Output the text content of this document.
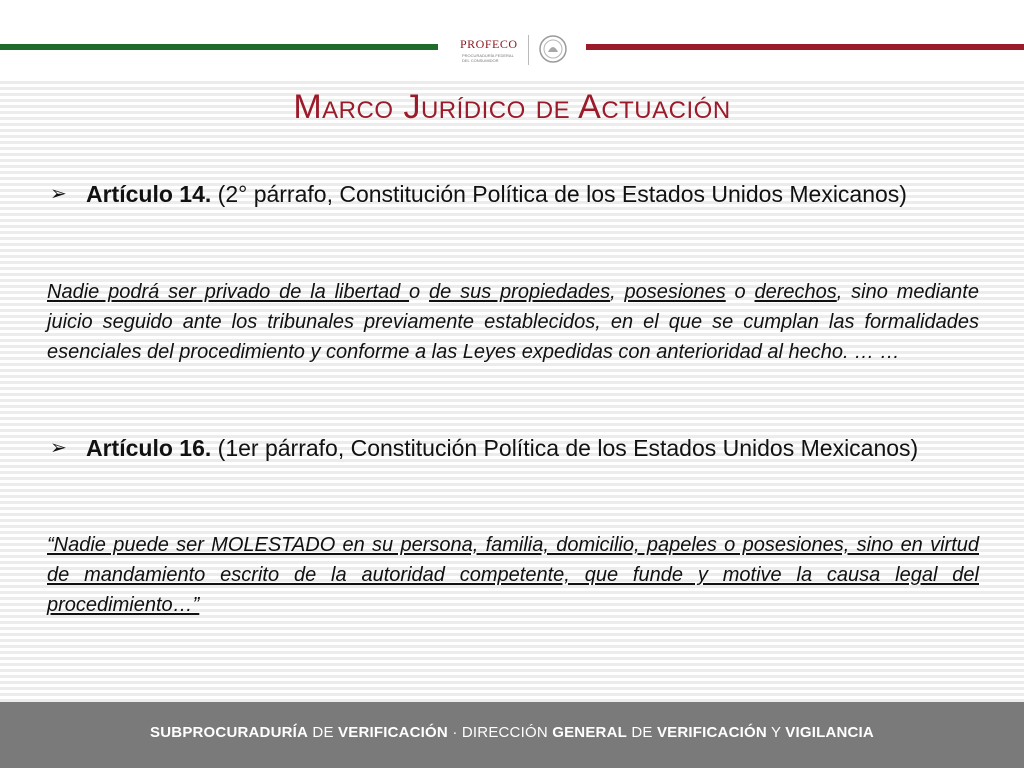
PROFECO
PROCURADURÍA FEDERAL DEL CONSUMIDOR
Marco Jurídico de Actuación
➢ Artículo 14. (2° párrafo, Constitución Política de los Estados Unidos Mexicanos)
Nadie podrá ser privado de la libertad o de sus propiedades, posesiones o derechos, sino mediante juicio seguido ante los tribunales previamente establecidos, en el que se cumplan las formalidades esenciales del procedimiento y conforme a las Leyes expedidas con anterioridad al hecho. … …
➢ Artículo 16. (1er párrafo, Constitución Política de los Estados Unidos Mexicanos)
“Nadie puede ser MOLESTADO en su persona, familia, domicilio, papeles o posesiones, sino en virtud de mandamiento escrito de la autoridad competente, que funde y motive la causa legal del procedimiento…”
SUBPROCURADURÍA DE VERIFICACIÓN · DIRECCIÓN GENERAL DE VERIFICACIÓN Y VIGILANCIA
